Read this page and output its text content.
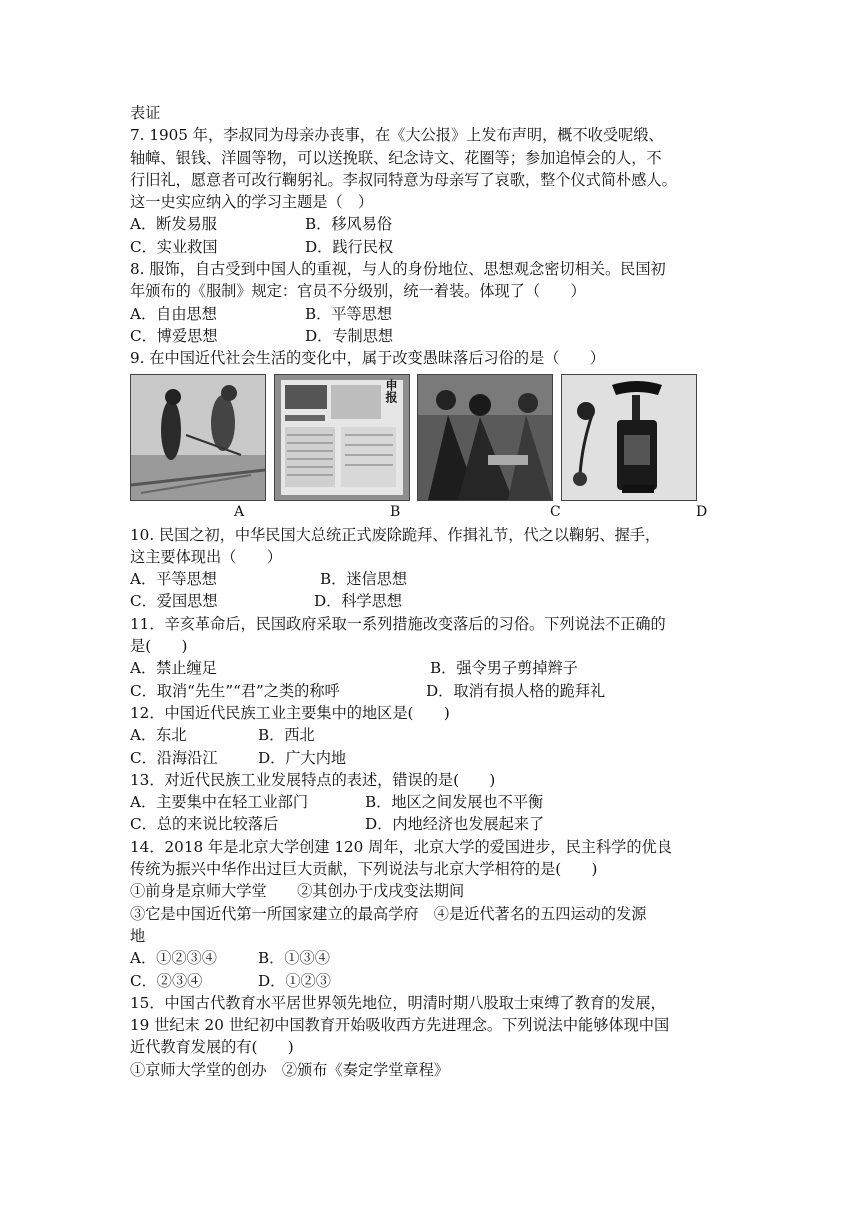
表证
7. 1905 年，李叔同为母亲办丧事，在《大公报》上发布声明，概不收受呢缎、
轴幛、银钱、洋圆等物，可以送挽联、纪念诗文、花圈等；参加追悼会的人，不
行旧礼，愿意者可改行鞠躬礼。李叔同特意为母亲写了哀歌，整个仪式简朴感人。
这一史实应纳入的学习主题是（　）
A．断发易服	B．移风易俗
C．实业救国	D．践行民权
8. 服饰，自古受到中国人的重视，与人的身份地位、思想观念密切相关。民国初
年颁布的《服制》规定：官员不分级别，统一着装。体现了（　　）
A．自由思想	B．平等思想
C．博爱思想	D．专制思想
9. 在中国近代社会生活的变化中，属于改变愚昧落后习俗的是（　　）
申报
A	B	C	D
10. 民国之初，中华民国大总统正式废除跪拜、作揖礼节，代之以鞠躬、握手，
这主要体现出（　　）
A．平等思想	B．迷信思想
C．爱国思想	D．科学思想
11．辛亥革命后，民国政府采取一系列措施改变落后的习俗。下列说法不正确的
是(　　)
A．禁止缠足	B．强令男子剪掉辫子
C．取消“先生”“君”之类的称呼	D．取消有损人格的跪拜礼
12．中国近代民族工业主要集中的地区是(　　)
A．东北	B．西北
C．沿海沿江	D．广大内地
13．对近代民族工业发展特点的表述，错误的是(　　)
A．主要集中在轻工业部门	B．地区之间发展也不平衡
C．总的来说比较落后	D．内地经济也发展起来了
14．2018 年是北京大学创建 120 周年，北京大学的爱国进步，民主科学的优良
传统为振兴中华作出过巨大贡献，下列说法与北京大学相符的是(　　)
①前身是京师大学堂　　②其创办于戊戌变法期间
③它是中国近代第一所国家建立的最高学府　④是近代著名的五四运动的发源
地
A．①②③④	B．①③④
C．②③④	D．①②③
15．中国古代教育水平居世界领先地位，明清时期八股取士束缚了教育的发展，
19 世纪末 20 世纪初中国教育开始吸收西方先进理念。下列说法中能够体现中国
近代教育发展的有(　　)
①京师大学堂的创办　②颁布《奏定学堂章程》
